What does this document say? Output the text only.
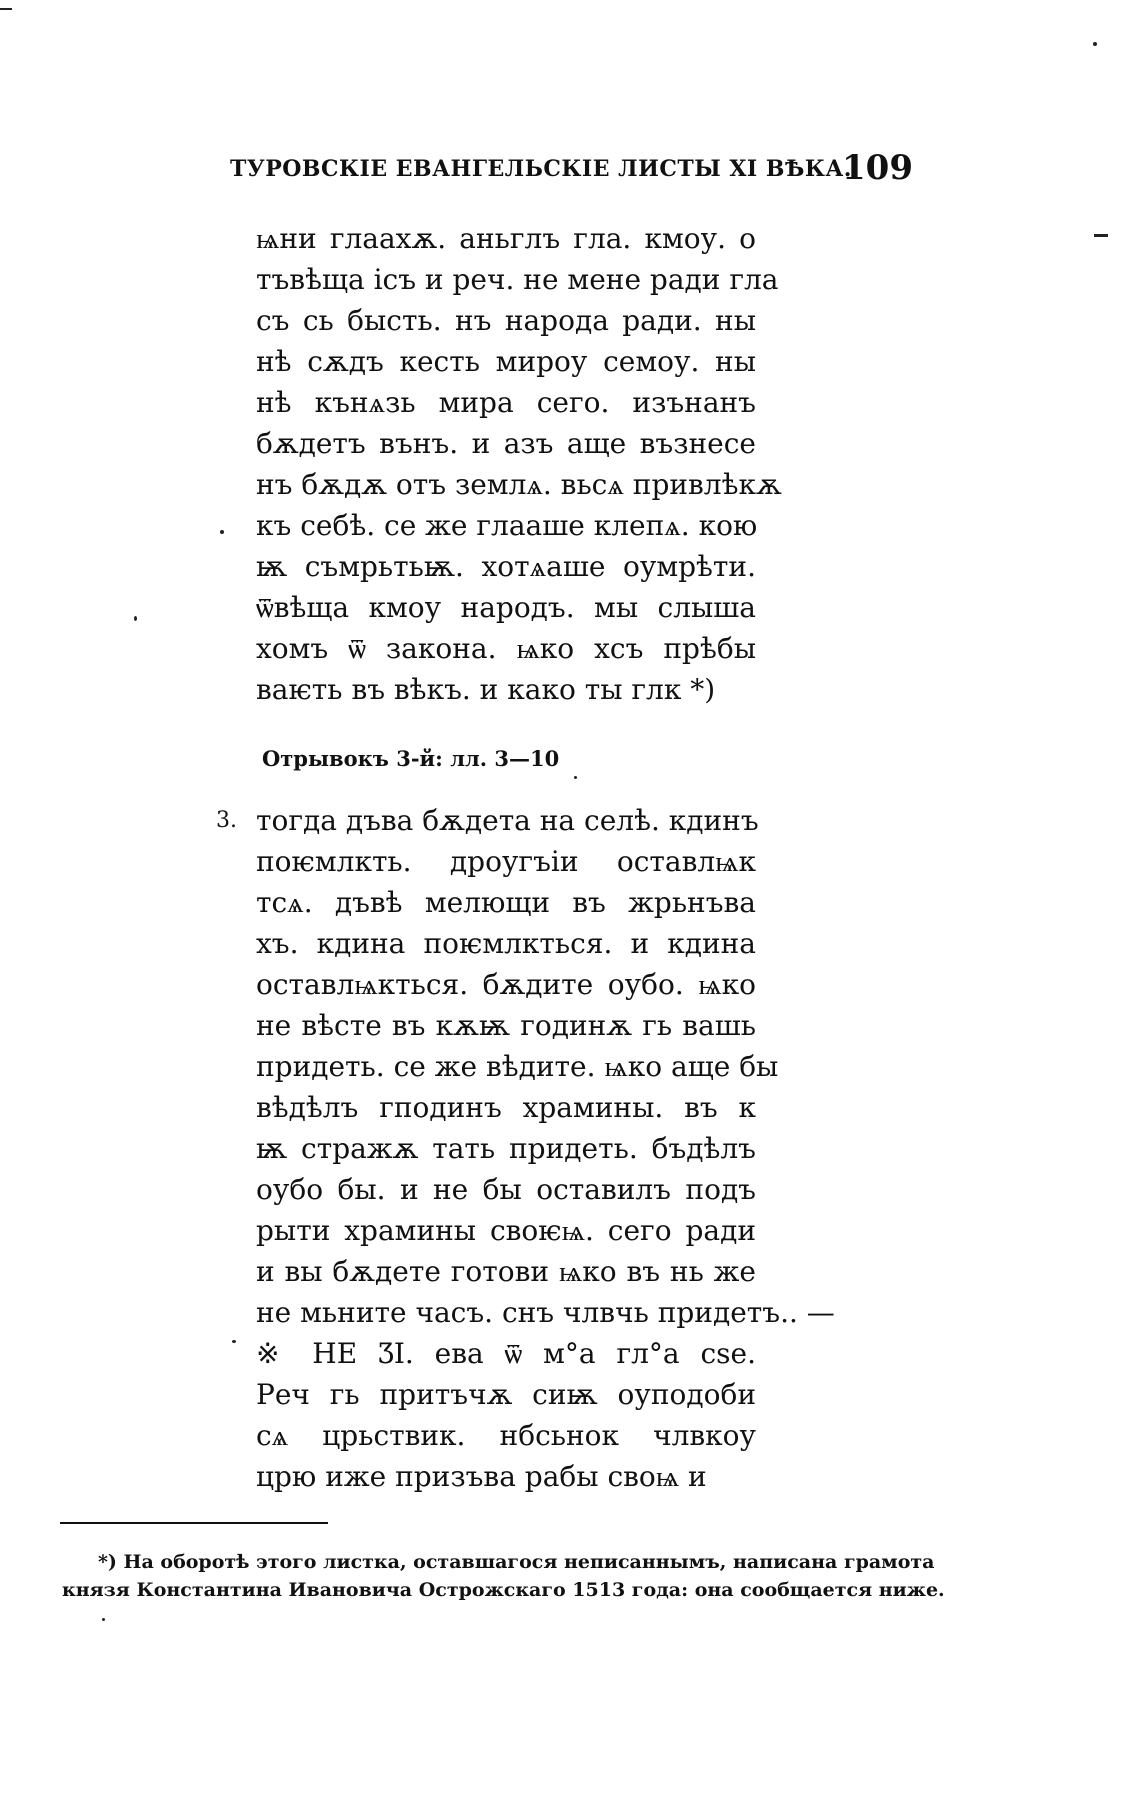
ТУРОВСКІЕ ЕВАНГЕЛЬСКІЕ ЛИСТЫ XI ВѢКА.
109
ѩни глаахѫ. аньглъ гла. кмоу. о
тъвѣща ісъ и реч. не мене ради гла
съ сь бысть. нъ народа ради. ны
нѣ сѫдъ кесть мироу семоу. ны
нѣ кънѧзь мира сего. изънанъ
бѫдетъ вънъ. и азъ аще възнесе
нъ бѫдѫ отъ землѧ. вьсѧ привлѣкѫ
къ себѣ. се же глааше клепѧ. кою
ѭ съмрьтьѭ. хотѧаше оумрѣти.
ѿвѣща кмоу народъ. мы слыша
хомъ ѿ закона. ѩко хсъ прѣбы
ваѥть въ вѣкъ. и како ты глк *)
Отрывокъ 3-й: лл. 3—10
3. тогда дъва бѫдета на селѣ. кдинъ
поѥмлкть. дроугъіи оставлѩк
тсѧ. дъвѣ мелющи въ жрьнъва
хъ. кдина поѥмлкться. и кдина
оставлѩкться. бѫдите оубо. ѩко
не вѣсте въ кѫѭ годинѫ гь вашь
придеть. се же вѣдите. ѩко аще бы
вѣдѣлъ гподинъ храмины. въ к
ѭ стражѫ тать придеть. бъдѣлъ
оубо бы. и не бы оставилъ подъ
рыти храмины своѥѩ. сего ради
и вы бѫдете готови ѩко въ нь же
не мьните часъ. снъ члвчь придетъ.. —
※ НЕ ƷІ. ева ѿ м°а гл°а сѕе.
Реч гь притъчѫ сиѭ оуподоби
сѧ црьствик. нбсьнок члвкоу
црю иже призъва рабы своѩ и
*) На оборотѣ этого листка, оставшагося неписаннымъ, написана грамота
князя Константина Ивановича Острожскаго 1513 года: она сообщается ниже.
